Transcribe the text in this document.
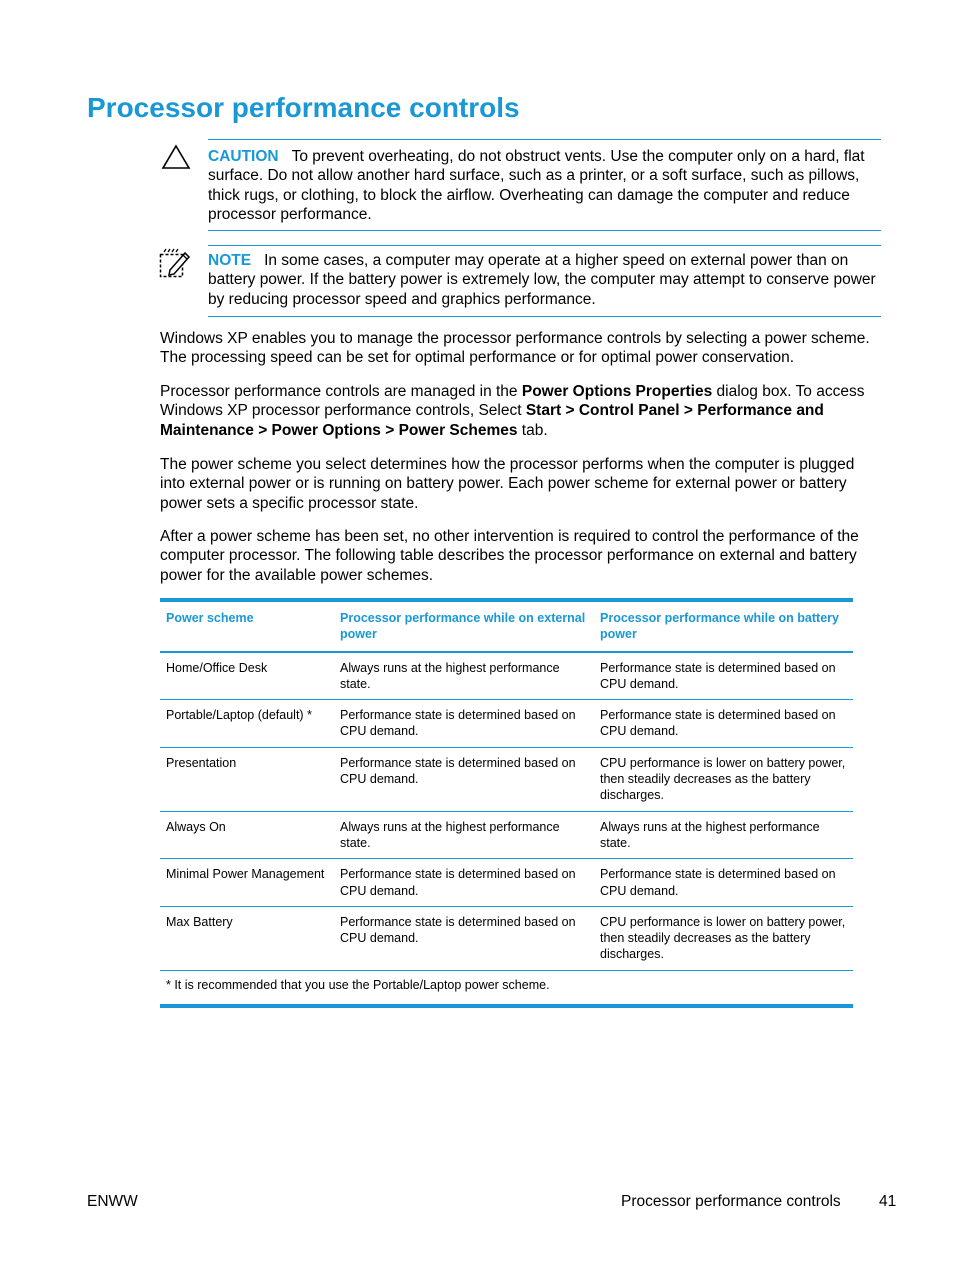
Processor performance controls
CAUTION To prevent overheating, do not obstruct vents. Use the computer only on a hard, flat surface. Do not allow another hard surface, such as a printer, or a soft surface, such as pillows, thick rugs, or clothing, to block the airflow. Overheating can damage the computer and reduce processor performance.
NOTE In some cases, a computer may operate at a higher speed on external power than on battery power. If the battery power is extremely low, the computer may attempt to conserve power by reducing processor speed and graphics performance.

Windows XP enables you to manage the processor performance controls by selecting a power scheme. The processing speed can be set for optimal performance or for optimal power conservation.

Processor performance controls are managed in the Power Options Properties dialog box. To access Windows XP processor performance controls, Select Start > Control Panel > Performance and Maintenance > Power Options > Power Schemes tab.

The power scheme you select determines how the processor performs when the computer is plugged into external power or is running on battery power. Each power scheme for external power or battery power sets a specific processor state.

After a power scheme has been set, no other intervention is required to control the performance of the computer processor. The following table describes the processor performance on external and battery power for the available power schemes.

Power scheme	Processor performance while on external power	Processor performance while on battery power
Home/Office Desk	Always runs at the highest performance state.	Performance state is determined based on CPU demand.
Portable/Laptop (default) *	Performance state is determined based on CPU demand.	Performance state is determined based on CPU demand.
Presentation	Performance state is determined based on CPU demand.	CPU performance is lower on battery power, then steadily decreases as the battery discharges.
Always On	Always runs at the highest performance state.	Always runs at the highest performance state.
Minimal Power Management	Performance state is determined based on CPU demand.	Performance state is determined based on CPU demand.
Max Battery	Performance state is determined based on CPU demand.	CPU performance is lower on battery power, then steadily decreases as the battery discharges.
* It is recommended that you use the Portable/Laptop power scheme.		
ENWW	Processor performance controls 41
